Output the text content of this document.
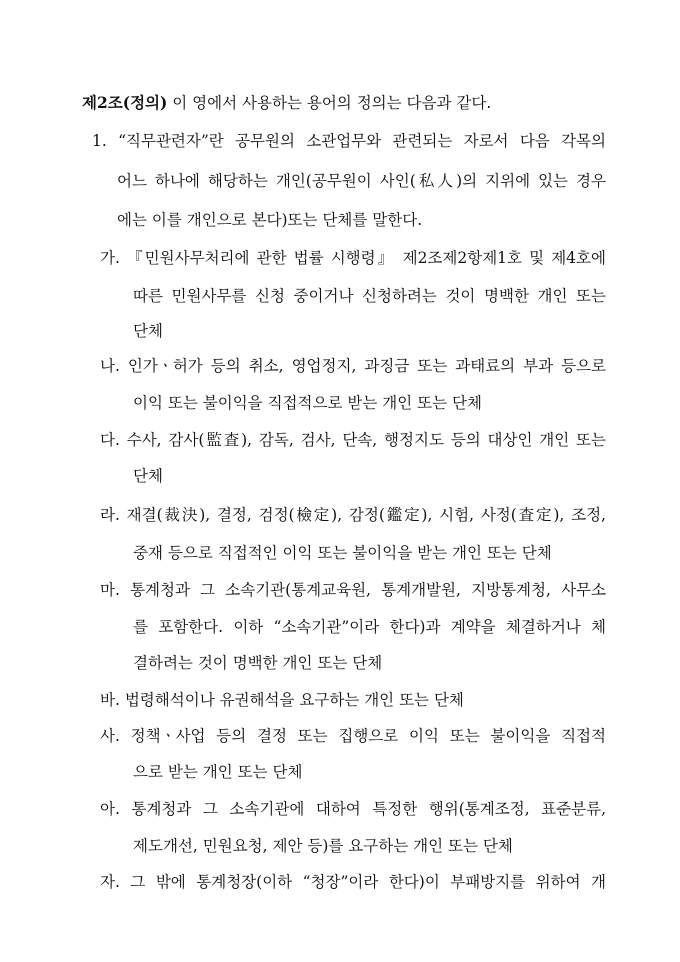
제2조(정의) 이 영에서 사용하는 용어의 정의는 다음과 같다.
1. “직무관련자”란 공무원의 소관업무와 관련되는 자로서 다음 각목의
어느 하나에 해당하는 개인(공무원이 사인(私人)의 지위에 있는 경우
에는 이를 개인으로 본다)또는 단체를 말한다.
가. 『민원사무처리에 관한 법률 시행령』 제2조제2항제1호 및 제4호에
따른 민원사무를 신청 중이거나 신청하려는 것이 명백한 개인 또는
단체
나. 인가ㆍ허가 등의 취소, 영업정지, 과징금 또는 과태료의 부과 등으로
이익 또는 불이익을 직접적으로 받는 개인 또는 단체
다. 수사, 감사(監査), 감독, 검사, 단속, 행정지도 등의 대상인 개인 또는
단체
라. 재결(裁決), 결정, 검정(檢定), 감정(鑑定), 시험, 사정(査定), 조정,
중재 등으로 직접적인 이익 또는 불이익을 받는 개인 또는 단체
마. 통계청과 그 소속기관(통계교육원, 통계개발원, 지방통계청, 사무소
를 포함한다. 이하 “소속기관”이라 한다)과 계약을 체결하거나 체
결하려는 것이 명백한 개인 또는 단체
바. 법령해석이나 유권해석을 요구하는 개인 또는 단체
사. 정책ㆍ사업 등의 결정 또는 집행으로 이익 또는 불이익을 직접적
으로 받는 개인 또는 단체
아. 통계청과 그 소속기관에 대하여 특정한 행위(통계조정, 표준분류,
제도개선, 민원요청, 제안 등)를 요구하는 개인 또는 단체
자. 그 밖에 통계청장(이하 “청장”이라 한다)이 부패방지를 위하여 개
